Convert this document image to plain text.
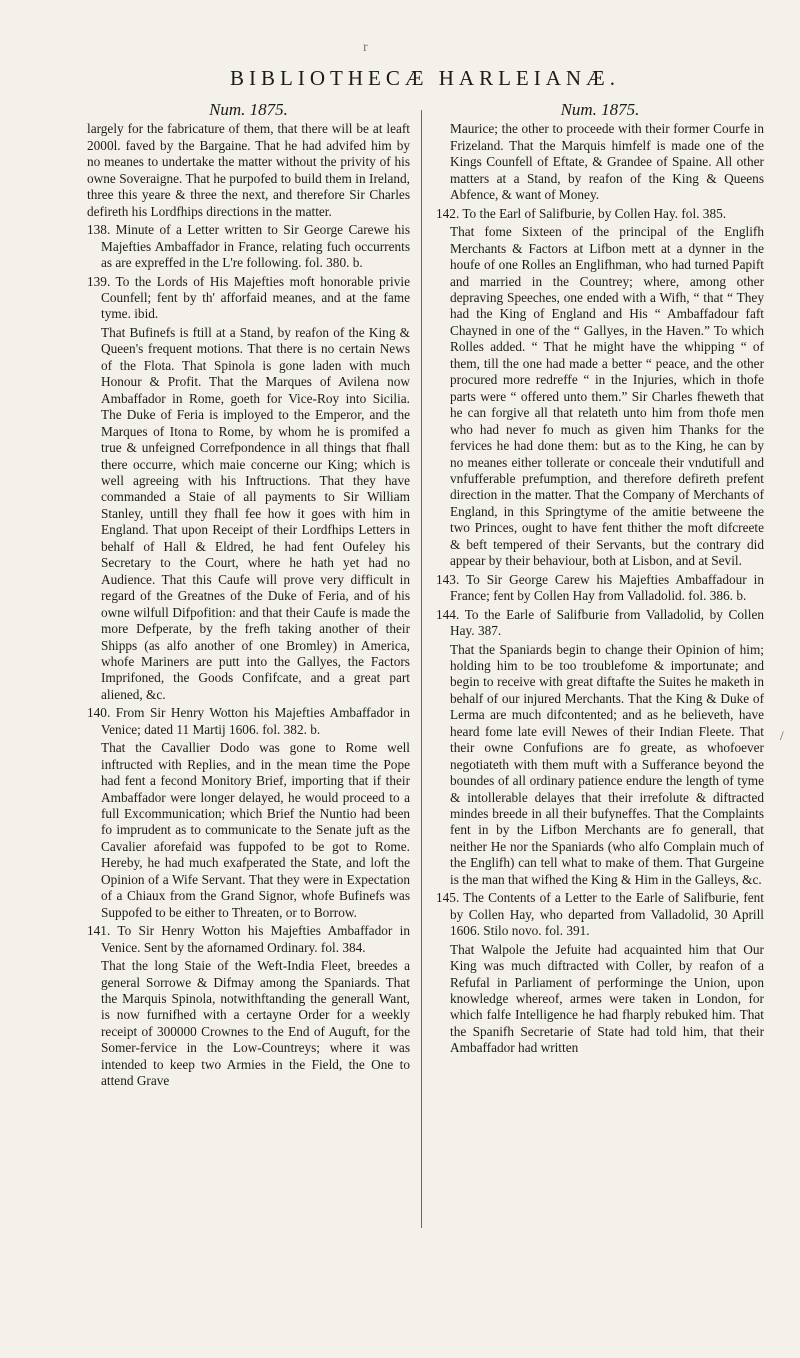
r
BIBLIOTHECÆ HARLEIANÆ.
Num. 1875.

largely for the fabricature of them, that there will be at leaft 2000l. faved by the Bargaine. That he had advifed him by no meanes to undertake the matter without the privity of his owne Soveraigne. That he purpofed to build them in Ireland, three this yeare & three the next, and therefore Sir Charles defireth his Lordfhips directions in the matter.

138. Minute of a Letter written to Sir George Carewe his Majefties Ambaffador in France, relating fuch occurrents as are expreffed in the L're following. fol. 380. b.

139. To the Lords of His Majefties moft honorable privie Counfell; fent by th' afforfaid meanes, and at the fame tyme. ibid.

That Bufinefs is ftill at a Stand, by reafon of the King & Queen's frequent motions. That there is no certain News of the Flota. That Spinola is gone laden with much Honour & Profit. That the Marques of Avilena now Ambaffador in Rome, goeth for Vice-Roy into Sicilia. The Duke of Feria is imployed to the Emperor, and the Marques of Itona to Rome, by whom he is promifed a true & unfeigned Correfpondence in all things that fhall there occurre, which maie concerne our King; which is well agreeing with his Inftructions. That they have commanded a Staie of all payments to Sir William Stanley, untill they fhall fee how it goes with him in England. That upon Receipt of their Lordfhips Letters in behalf of Hall & Eldred, he had fent Oufeley his Secretary to the Court, where he hath yet had no Audience. That this Caufe will prove very difficult in regard of the Greatnes of the Duke of Feria, and of his owne wilfull Difpofition: and that their Caufe is made the more Defperate, by the frefh taking another of their Shipps (as alfo another of one Bromley) in America, whofe Mariners are putt into the Gallyes, the Factors Imprifoned, the Goods Confifcate, and a great part aliened, &c.

140. From Sir Henry Wotton his Majefties Ambaffador in Venice; dated 11 Martij 1606. fol. 382. b.

That the Cavallier Dodo was gone to Rome well inftructed with Replies, and in the mean time the Pope had fent a fecond Monitory Brief, importing that if their Ambaffador were longer delayed, he would proceed to a full Excommunication; which Brief the Nuntio had been fo imprudent as to communicate to the Senate juft as the Cavalier aforefaid was fuppofed to be got to Rome. Hereby, he had much exafperated the State, and loft the Opinion of a Wife Servant. That they were in Expectation of a Chiaux from the Grand Signor, whofe Bufinefs was Suppofed to be either to Threaten, or to Borrow.

141. To Sir Henry Wotton his Majefties Ambaffador in Venice. Sent by the afornamed Ordinary. fol. 384.

That the long Staie of the Weft-India Fleet, breedes a general Sorrowe & Difmay among the Spaniards. That the Marquis Spinola, notwithftanding the generall Want, is now furnifhed with a certayne Order for a weekly receipt of 300000 Crownes to the End of Auguft, for the Somer-fervice in the Low-Countreys; where it was intended to keep two Armies in the Field, the One to attend Grave

Num. 1875.

Maurice; the other to proceede with their former Courfe in Frizeland. That the Marquis himfelf is made one of the Kings Counfell of Eftate, & Grandee of Spaine. All other matters at a Stand, by reafon of the King & Queens Abfence, & want of Money.

142. To the Earl of Salifburie, by Collen Hay. fol. 385.

That fome Sixteen of the principal of the Englifh Merchants & Factors at Lifbon mett at a dynner in the houfe of one Rolles an Englifhman, who had turned Papift and married in the Countrey; where, among other depraving Speeches, one ended with a Wifh, “ that “ They had the King of England and His “ Ambaffadour faft Chayned in one of the “ Gallyes, in the Haven.” To which Rolles added. “ That he might have the whipping “ of them, till the one had made a better “ peace, and the other procured more redreffe “ in the Injuries, which in thofe parts were “ offered unto them.” Sir Charles fheweth that he can forgive all that relateth unto him from thofe men who had never fo much as given him Thanks for the fervices he had done them: but as to the King, he can by no meanes either tollerate or conceale their vndutifull and vnfufferable prefumption, and therefore defireth prefent direction in the matter. That the Company of Merchants of England, in this Springtyme of the amitie betweene the two Princes, ought to have fent thither the moft difcreete & beft tempered of their Servants, but the contrary did appear by their behaviour, both at Lisbon, and at Sevil.

143. To Sir George Carew his Majefties Ambaffadour in France; fent by Collen Hay from Valladolid. fol. 386. b.

144. To the Earle of Salifburie from Valladolid, by Collen Hay. 387.

That the Spaniards begin to change their Opinion of him; holding him to be too troublefome & importunate; and begin to receive with great diftafte the Suites he maketh in behalf of our injured Merchants. That the King & Duke of Lerma are much difcontented; and as he believeth, have heard fome late evill Newes of their Indian Fleete. That their owne Confufions are fo greate, as whofoever negotiateth with them muft with a Sufferance beyond the boundes of all ordinary patience endure the length of tyme & intollerable delayes that their irrefolute & diftracted mindes breede in all their bufyneffes. That the Complaints fent in by the Lifbon Merchants are fo generall, that neither He nor the Spaniards (who alfo Complain much of the Englifh) can tell what to make of them. That Gurgeine is the man that wifhed the King & Him in the Galleys, &c.

145. The Contents of a Letter to the Earle of Salifburie, fent by Collen Hay, who departed from Valladolid, 30 Aprill 1606. Stilo novo. fol. 391.

That Walpole the Jefuite had acquainted him that Our King was much diftracted with Coller, by reafon of a Refufal in Parliament of performinge the Union, upon knowledge whereof, armes were taken in London, for which falfe Intelligence he had fharply rebuked him. That the Spanifh Secretarie of State had told him, that their Ambaffador had written

/
